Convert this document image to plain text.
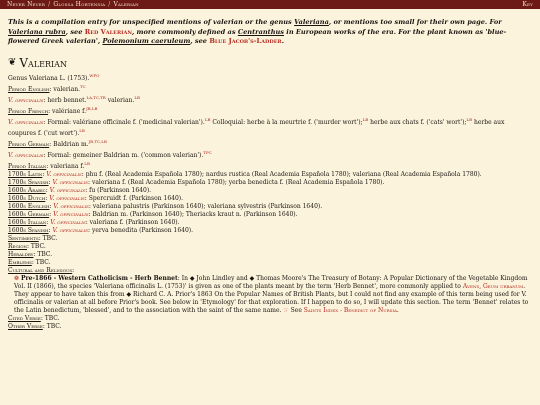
Never Never / Glossa Hortensia / Valerian	Key

This is a compilation entry for unspecified mentions of valerian or the genus Valeriana, or mentions too small for their own page. For Valeriana rubra, see Red Valerian, more commonly defined as Centranthus in European works of the era. For the plant known as 'blue-flowered Greek valerian', Polemonium caeruleum, see Blue Jacob's-Ladder.

❦ Valerian

Genus Valeriana L. (1753).$^{WFO}$

Period English: valerian.$^{TC}$

V. officinalis: herb bennet.$^{LA,TC,TR}$ valerian.$^{LB}$

Period French: valériane f.$^{JB,LB}$

V. officinalis: Formal: valériane officinale f. ('medicinal valerian').$^{LB}$ Colloquial: herbe à la meurtrie f. ('murder wort');$^{LB}$ herbe aux chats f. ('cats' wort');$^{LB}$ herbe aux coupures f. ('cut wort').$^{LB}$

Period German: Baldrian m.$^{JB,TC,LB}$

V. officinalis: Formal: gemeiner Baldrian m. ('common valerian').$^{TPC}$

Period Italian: valeriana f.$^{LB}$

1700s Latin: V. officinalis: phu f. (Real Academia Española 1780); nardus rustica (Real Academia Española 1780); valeriana (Real Academia Española 1780).

1700s Spanish: V. officinalis: valeriana f. (Real Academia Española 1780); yerba benedicta f. (Real Academia Española 1780).

1600s Arabic: V. officinalis: fu (Parkinson 1640).

1600s Dutch: V. officinalis: Spercruidt f. (Parkinson 1640).

1600s English: V. officinalis: valeriana palustris (Parkinson 1640); valeriana sylvestris (Parkinson 1640).

1600s German: V. officinalis: Baldrian m. (Parkinson 1640); Theriacks kraut n. (Parkinson 1640).

1600s Italian: V. officinalis: valeriana f. (Parkinson 1640).

1600s Spanish: V. officinalis: yerva benedita (Parkinson 1640).

Sentiments: TBC.

Region: TBC.

Heraldry: TBC.

Emblems: TBC.

Cultural and Religious:

❁ Pre-1866 - Western Catholicism - Herb Bennet: In ◆ John Lindley and ◆ Thomas Moore's The Treasury of Botany: A Popular Dictionary of the Vegetable Kingdom Vol. II (1866), the species 'Valeriana officinalis L. (1753)' is given as one of the plants meant by the term 'Herb Bennet', more commonly applied to Avens, Geum urbanum. They appear to have taken this from ◆ Richard C. A. Prior's 1863 On the Popular Names of British Plants, but I could not find any example of this term being used for V. officinalis or valerian at all before Prior's book. See below in 'Etymology' for that exploration. If I happen to do so, I will update this section. The term 'Bennet' relates to the Latin benedictum, 'blessed', and to the association with the saint of the same name. ☞ See Saints Index - Benedict of Nursia.

Cited Verse: TBC.

Other Verse: TBC.
